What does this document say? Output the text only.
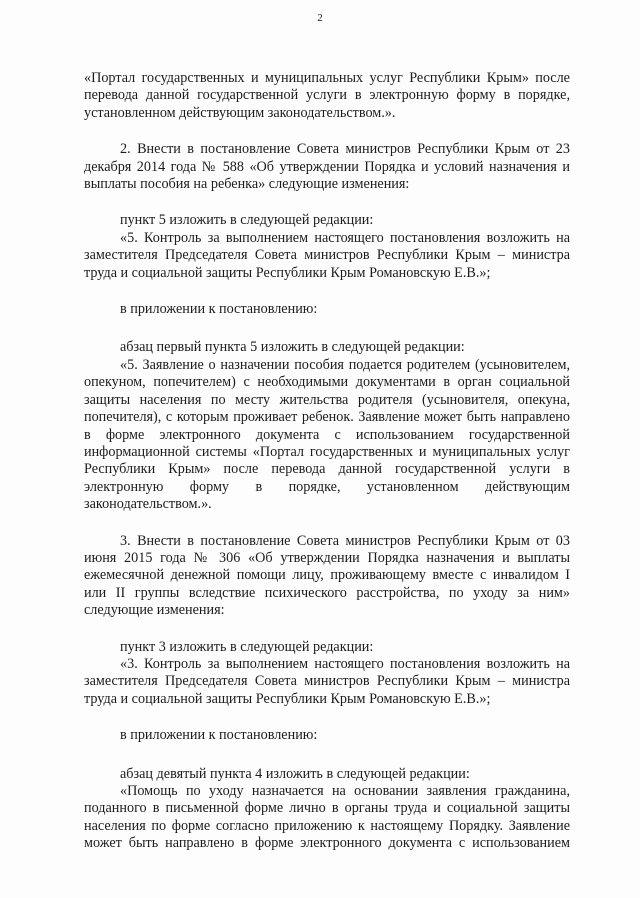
2

«Портал государственных и муниципальных услуг Республики Крым» после перевода данной государственной услуги в электронную форму в порядке, установленном действующим законодательством.».

2. Внести в постановление Совета министров Республики Крым от 23 декабря 2014 года № 588 «Об утверждении Порядка и условий назначения и выплаты пособия на ребенка» следующие изменения:

пункт 5 изложить в следующей редакции:

«5. Контроль за выполнением настоящего постановления возложить на заместителя Председателя Совета министров Республики Крым – министра труда и социальной защиты Республики Крым Романовскую Е.В.»;

в приложении к постановлению:

абзац первый пункта 5 изложить в следующей редакции:

«5. Заявление о назначении пособия подается родителем (усыновителем, опекуном, попечителем) с необходимыми документами в орган социальной защиты населения по месту жительства родителя (усыновителя, опекуна, попечителя), с которым проживает ребенок. Заявление может быть направлено в форме электронного документа с использованием государственной информационной системы «Портал государственных и муниципальных услуг Республики Крым» после перевода данной государственной услуги в электронную форму в порядке, установленном действующим законодательством.».

3. Внести в постановление Совета министров Республики Крым от 03 июня 2015 года № 306 «Об утверждении Порядка назначения и выплаты ежемесячной денежной помощи лицу, проживающему вместе с инвалидом I или II группы вследствие психического расстройства, по уходу за ним» следующие изменения:

пункт 3 изложить в следующей редакции:

«3. Контроль за выполнением настоящего постановления возложить на заместителя Председателя Совета министров Республики Крым – министра труда и социальной защиты Республики Крым Романовскую Е.В.»;

в приложении к постановлению:

абзац девятый пункта 4 изложить в следующей редакции:

«Помощь по уходу назначается на основании заявления гражданина, поданного в письменной форме лично в органы труда и социальной защиты населения по форме согласно приложению к настоящему Порядку. Заявление может быть направлено в форме электронного документа с использованием
